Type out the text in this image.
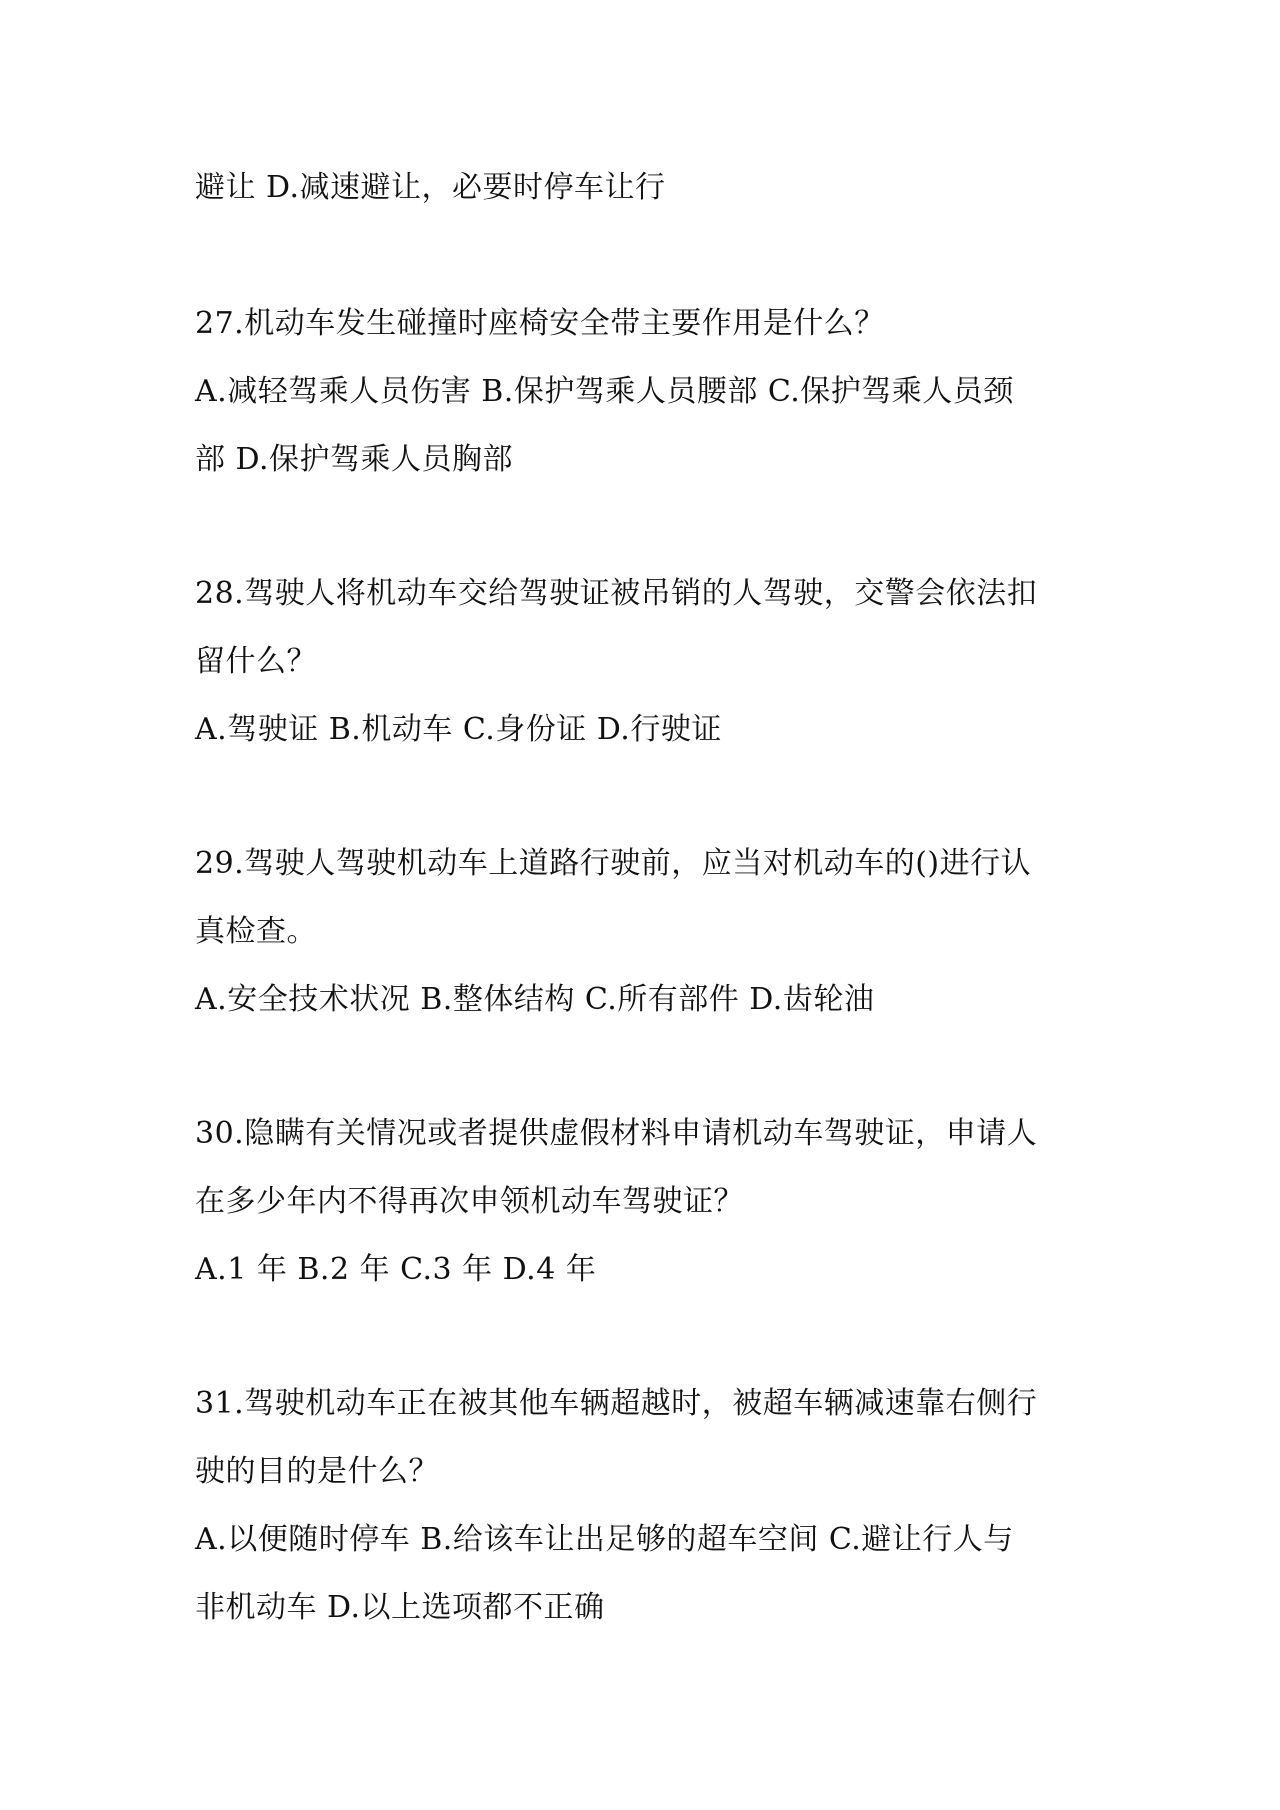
避让 D.减速避让，必要时停车让行
27.机动车发生碰撞时座椅安全带主要作用是什么？
A.减轻驾乘人员伤害 B.保护驾乘人员腰部 C.保护驾乘人员颈
部 D.保护驾乘人员胸部
28.驾驶人将机动车交给驾驶证被吊销的人驾驶，交警会依法扣
留什么？
A.驾驶证 B.机动车 C.身份证 D.行驶证
29.驾驶人驾驶机动车上道路行驶前，应当对机动车的()进行认
真检查。
A.安全技术状况 B.整体结构 C.所有部件 D.齿轮油
30.隐瞒有关情况或者提供虚假材料申请机动车驾驶证，申请人
在多少年内不得再次申领机动车驾驶证？
A.1 年 B.2 年 C.3 年 D.4 年
31.驾驶机动车正在被其他车辆超越时，被超车辆减速靠右侧行
驶的目的是什么？
A.以便随时停车 B.给该车让出足够的超车空间 C.避让行人与
非机动车 D.以上选项都不正确
